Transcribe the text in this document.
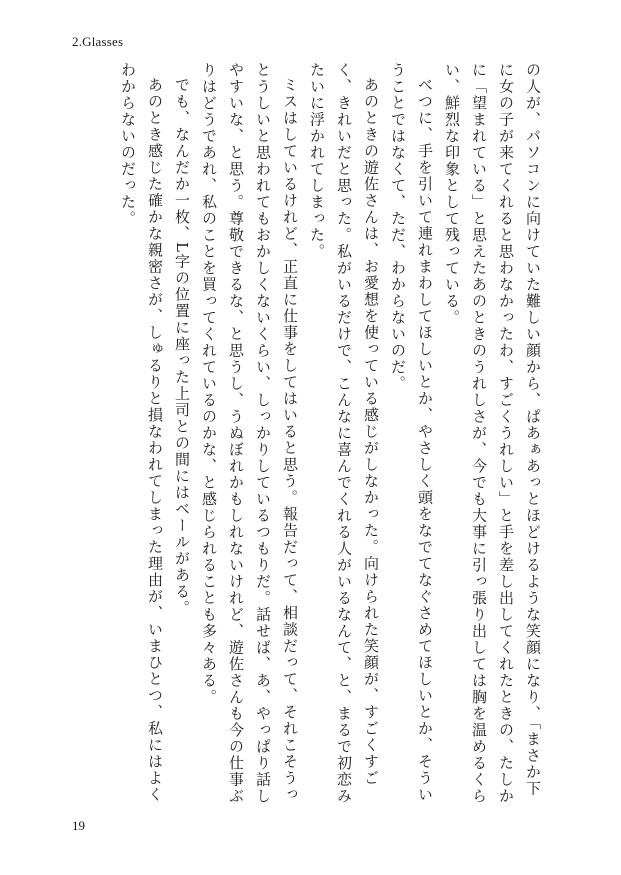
2.Glasses

の人が、パソコンに向けていた難しい顔から、ぱあぁあっとほどけるような笑顔になり、「まさか下に女の子が来てくれると思わなかったわ、すごくうれしい」と手を差し出してくれたときの、たしかに「望まれている」と思えたあのときのうれしさが、今でも大事に引っ張り出しては胸を温めるくらい、鮮烈な印象として残っている。

べつに、手を引いて連れまわしてほしいとか、やさしく頭をなでてなぐさめてほしいとか、そういうことではなくて、ただ、わからないのだ。

あのときの遊佐さんは、お愛想を使っている感じがしなかった。向けられた笑顔が、すごくすごく、きれいだと思った。私がいるだけで、こんなに喜んでくれる人がいるなんて、と、まるで初恋みたいに浮かれてしまった。

ミスはしているけれど、正直に仕事をしてはいると思う。報告だって、相談だって、それこそうっとうしいと思われてもおかしくないくらい、しっかりしているつもりだ。話せば、あ、やっぱり話しやすいな、と思う。尊敬できるな、と思うし、うぬぼれかもしれないけれど、遊佐さんも今の仕事ぶりはどうであれ、私のことを買ってくれているのかな、と感じられることも多々ある。

でも、なんだか一枚、L字の位置に座った上司との間にはベールがある。

あのとき感じた確かな親密さが、しゅるりと損なわれてしまった理由が、いまひとつ、私にはよくわからないのだった。

19
